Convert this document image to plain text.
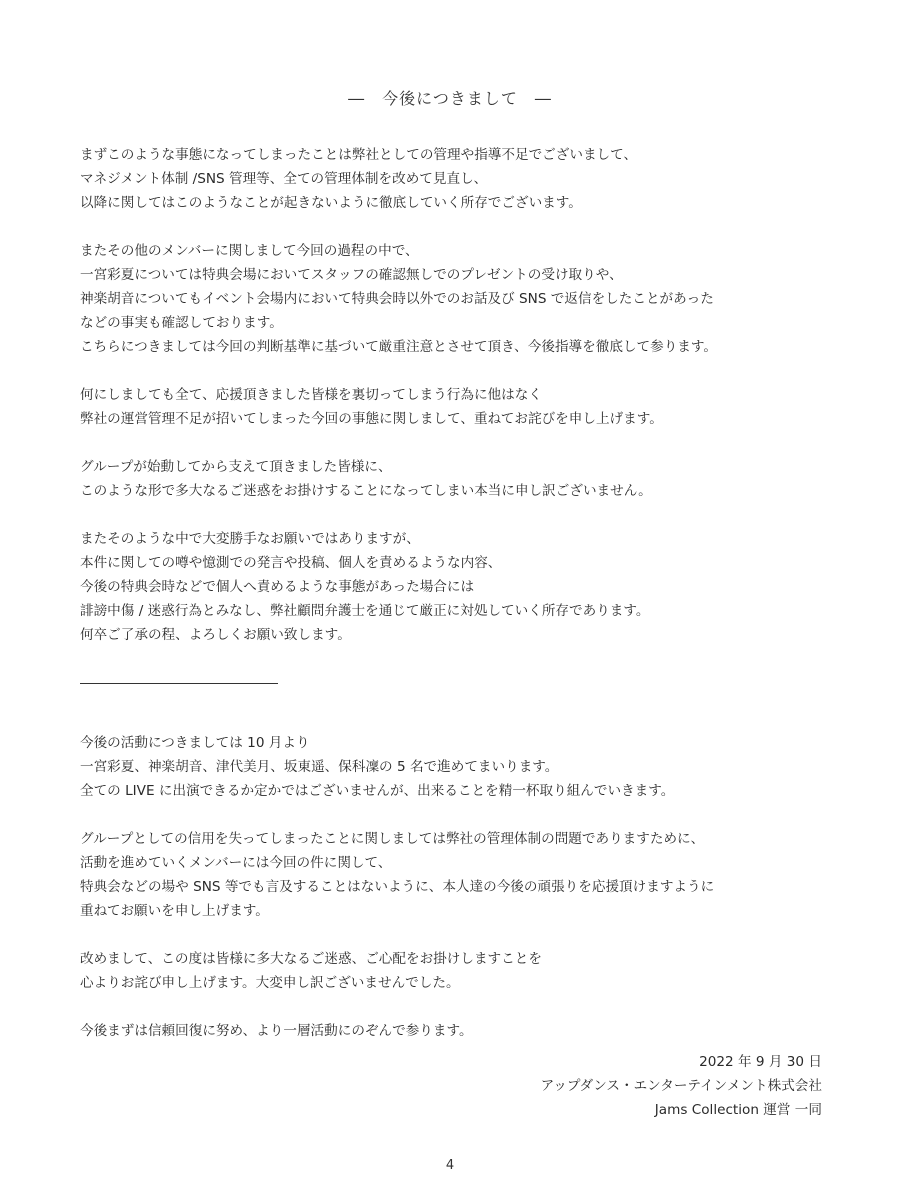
―　今後につきまして　―
まずこのような事態になってしまったことは弊社としての管理や指導不足でございまして、
マネジメント体制 /SNS 管理等、全ての管理体制を改めて見直し、
以降に関してはこのようなことが起きないように徹底していく所存でございます。
またその他のメンバーに関しまして今回の過程の中で、
一宮彩夏については特典会場においてスタッフの確認無しでのプレゼントの受け取りや、
神楽胡音についてもイベント会場内において特典会時以外でのお話及び SNS で返信をしたことがあった
などの事実も確認しております。
こちらにつきましては今回の判断基準に基づいて厳重注意とさせて頂き、今後指導を徹底して参ります。
何にしましても全て、応援頂きました皆様を裏切ってしまう行為に他はなく
弊社の運営管理不足が招いてしまった今回の事態に関しまして、重ねてお詫びを申し上げます。
グループが始動してから支えて頂きました皆様に、
このような形で多大なるご迷惑をお掛けすることになってしまい本当に申し訳ございません。
またそのような中で大変勝手なお願いではありますが、
本件に関しての噂や憶測での発言や投稿、個人を責めるような内容、
今後の特典会時などで個人へ責めるような事態があった場合には
誹謗中傷 / 迷惑行為とみなし、弊社顧問弁護士を通じて厳正に対処していく所存であります。
何卒ご了承の程、よろしくお願い致します。
今後の活動につきましては 10 月より
一宮彩夏、神楽胡音、津代美月、坂東遥、保科凜の 5 名で進めてまいります。
全ての LIVE に出演できるか定かではございませんが、出来ることを精一杯取り組んでいきます。
グループとしての信用を失ってしまったことに関しましては弊社の管理体制の問題でありますために、
活動を進めていくメンバーには今回の件に関して、
特典会などの場や SNS 等でも言及することはないように、本人達の今後の頑張りを応援頂けますように
重ねてお願いを申し上げます。
改めまして、この度は皆様に多大なるご迷惑、ご心配をお掛けしますことを
心よりお詫び申し上げます。大変申し訳ございませんでした。
今後まずは信頼回復に努め、より一層活動にのぞんで参ります。
2022 年 9 月 30 日
アップダンス・エンターテインメント株式会社
Jams Collection 運営 一同
4
